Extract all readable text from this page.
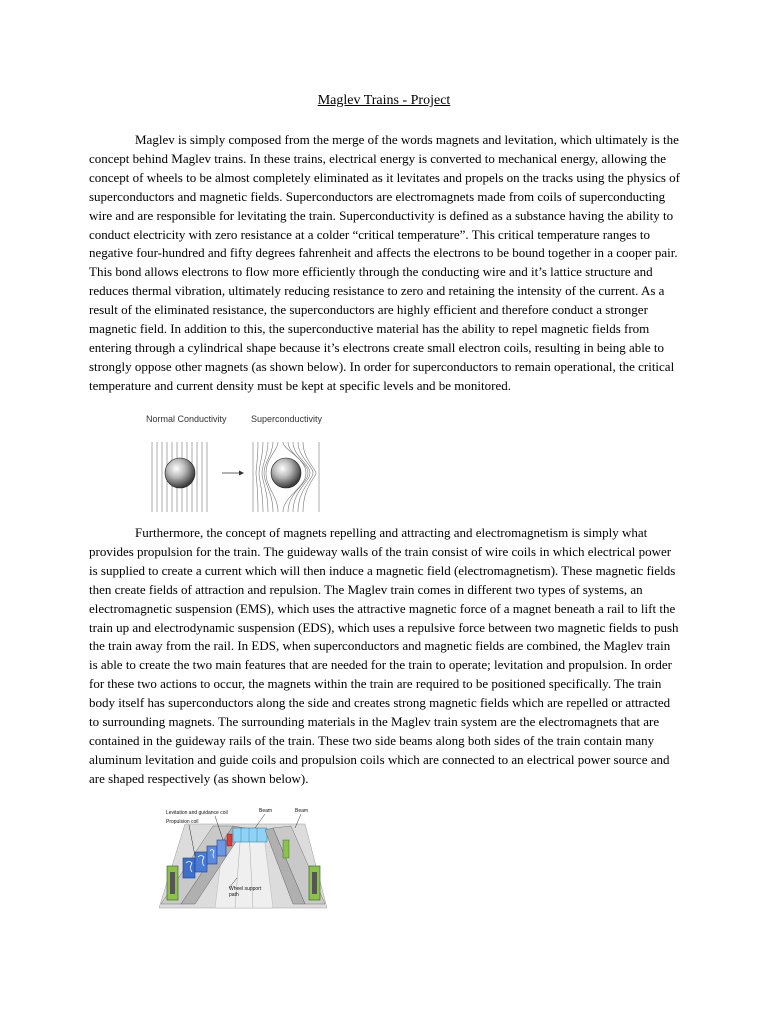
Maglev Trains - Project

Maglev is simply composed from the merge of the words magnets and levitation, which ultimately is the concept behind Maglev trains. In these trains, electrical energy is converted to mechanical energy, allowing the concept of wheels to be almost completely eliminated as it levitates and propels on the tracks using the physics of superconductors and magnetic fields. Superconductors are electromagnets made from coils of superconducting wire and are responsible for levitating the train. Superconductivity is defined as a substance having the ability to conduct electricity with zero resistance at a colder “critical temperature”. This critical temperature ranges to negative four-hundred and fifty degrees fahrenheit and affects the electrons to be bound together in a cooper pair. This bond allows electrons to flow more efficiently through the conducting wire and it’s lattice structure and reduces thermal vibration, ultimately reducing resistance to zero and retaining the intensity of the current. As a result of the eliminated resistance, the superconductors are highly efficient and therefore conduct a stronger magnetic field. In addition to this, the superconductive material has the ability to repel magnetic fields from entering through a cylindrical shape because it’s electrons create small electron coils, resulting in being able to strongly oppose other magnets (as shown below). In order for superconductors to remain operational, the critical temperature and current density must be kept at specific levels and be monitored.

Normal Conductivity	Superconductivity

Furthermore, the concept of magnets repelling and attracting and electromagnetism is simply what provides propulsion for the train. The guideway walls of the train consist of wire coils in which electrical power is supplied to create a current which will then induce a magnetic field (electromagnetism). These magnetic fields then create fields of attraction and repulsion. The Maglev train comes in different two types of systems, an electromagnetic suspension (EMS), which uses the attractive magnetic force of a magnet beneath a rail to lift the train up and electrodynamic suspension (EDS), which uses a repulsive force between two magnetic fields to push the train away from the rail. In EDS, when superconductors and magnetic fields are combined, the Maglev train is able to create the two main features that are needed for the train to operate; levitation and propulsion. In order for these two actions to occur, the magnets within the train are required to be positioned specifically. The train body itself has superconductors along the side and creates strong magnetic fields which are repelled or attracted to surrounding magnets. The surrounding materials in the Maglev train system are the electromagnets that are contained in the guideway rails of the train. These two side beams along both sides of the train contain many aluminum levitation and guide coils and propulsion coils which are connected to an electrical power source and are shaped respectively (as shown below).

Levitation and guidance coil
Propulsion coil
Beam	Beam
Wheel support
path
